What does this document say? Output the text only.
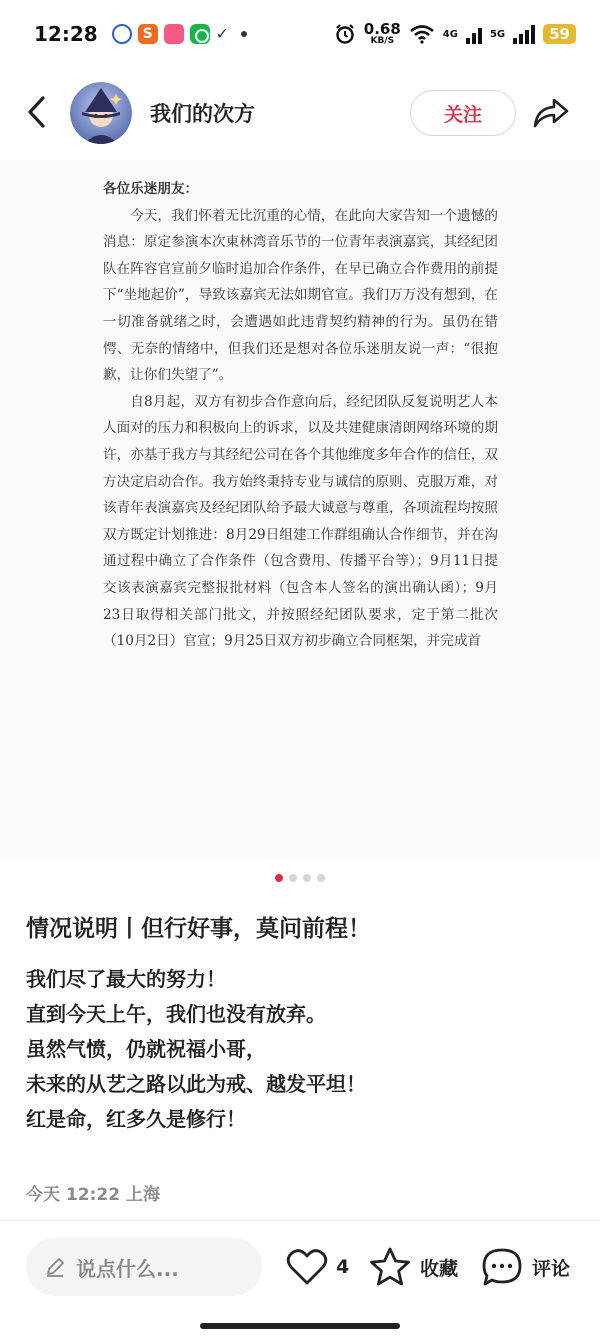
12:28	S	✓	0.68
KB/S
4G	5G	59
我们的次方	关注
各位乐迷朋友：

今天，我们怀着无比沉重的心情，在此向大家告知一个遗憾的消息：原定参演本次東林湾音乐节的一位青年表演嘉宾，其经纪团队在阵容官宣前夕临时追加合作条件，在早已确立合作费用的前提下“坐地起价”，导致该嘉宾无法如期官宣。我们万万没有想到，在一切准备就绪之时，会遭遇如此违背契约精神的行为。虽仍在错愕、无奈的情绪中，但我们还是想对各位乐迷朋友说一声：“很抱歉，让你们失望了”。

自8月起，双方有初步合作意向后，经纪团队反复说明艺人本人面对的压力和积极向上的诉求，以及共建健康清朗网络环境的期许，亦基于我方与其经纪公司在各个其他维度多年合作的信任，双方决定启动合作。我方始终秉持专业与诚信的原则、克服万难，对该青年表演嘉宾及经纪团队给予最大诚意与尊重，各项流程均按照双方既定计划推进：8月29日组建工作群组确认合作细节，并在沟通过程中确立了合作条件（包含费用、传播平台等）；9月11日提交该表演嘉宾完整报批材料（包含本人签名的演出确认函）；9月23日取得相关部门批文，并按照经纪团队要求，定于第二批次（10月2日）官宣；9月25日双方初步确立合同框架，并完成首

情况说明丨但行好事，莫问前程！
我们尽了最大的努力！
直到今天上午，我们也没有放弃。
虽然气愤，仍就祝福小哥，
未来的从艺之路以此为戒、越发平坦！
红是命，红多久是修行！
今天 12:22 上海
说点什么...	4	收藏	评论
